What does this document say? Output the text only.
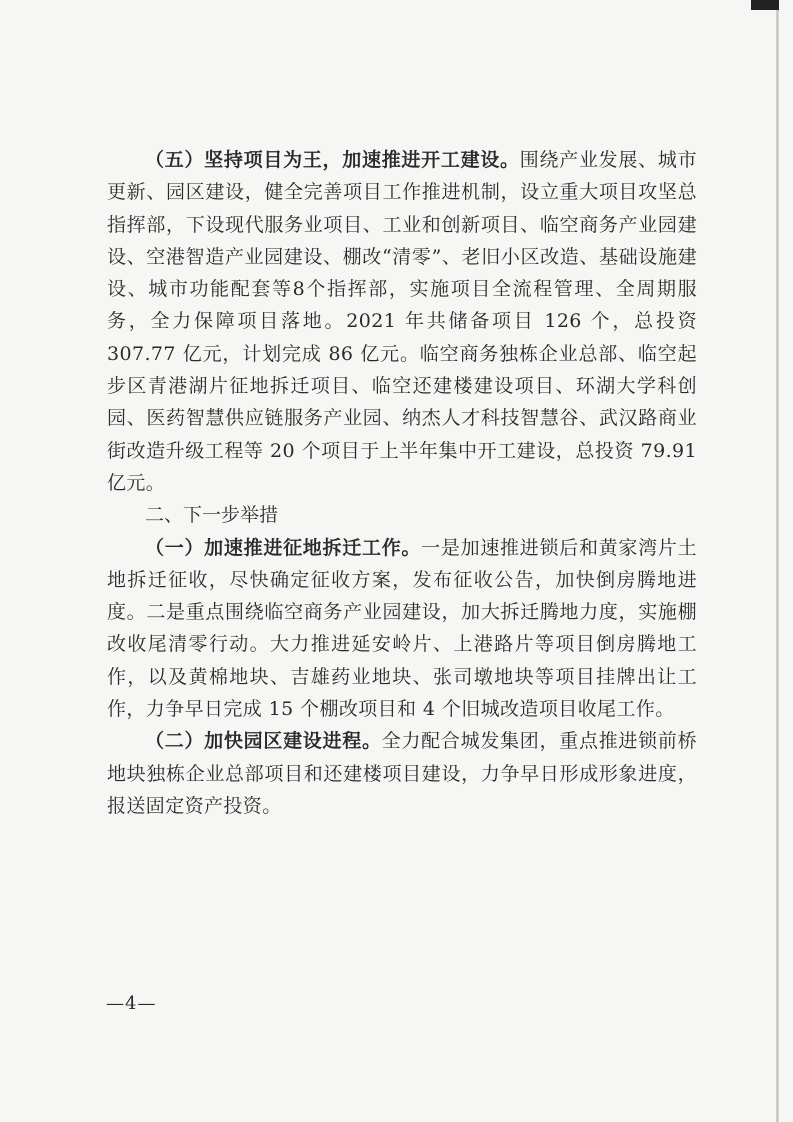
（五）坚持项目为王，加速推进开工建设。围绕产业发展、城市更新、园区建设，健全完善项目工作推进机制，设立重大项目攻坚总指挥部，下设现代服务业项目、工业和创新项目、临空商务产业园建设、空港智造产业园建设、棚改“清零”、老旧小区改造、基础设施建设、城市功能配套等8个指挥部，实施项目全流程管理、全周期服务，全力保障项目落地。2021 年共储备项目 126 个，总投资 307.77 亿元，计划完成 86 亿元。临空商务独栋企业总部、临空起步区青港湖片征地拆迁项目、临空还建楼建设项目、环湖大学科创园、医药智慧供应链服务产业园、纳杰人才科技智慧谷、武汉路商业街改造升级工程等 20 个项目于上半年集中开工建设，总投资 79.91 亿元。

二、下一步举措

（一）加速推进征地拆迁工作。一是加速推进锁后和黄家湾片土地拆迁征收，尽快确定征收方案，发布征收公告，加快倒房腾地进度。二是重点围绕临空商务产业园建设，加大拆迁腾地力度，实施棚改收尾清零行动。大力推进延安岭片、上港路片等项目倒房腾地工作，以及黄棉地块、吉雄药业地块、张司墩地块等项目挂牌出让工作，力争早日完成 15 个棚改项目和 4 个旧城改造项目收尾工作。

（二）加快园区建设进程。全力配合城发集团，重点推进锁前桥地块独栋企业总部项目和还建楼项目建设，力争早日形成形象进度，报送固定资产投资。

—4—
